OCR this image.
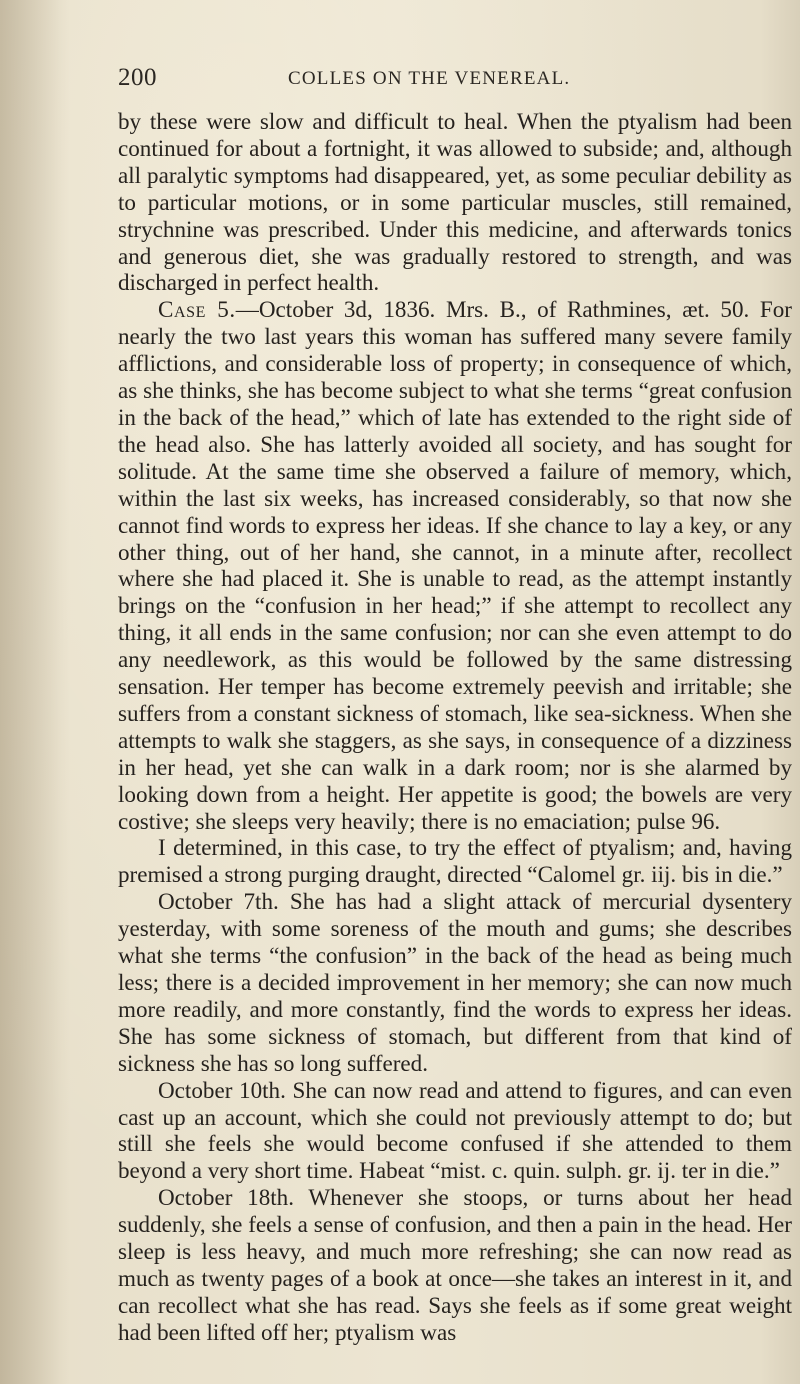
200	COLLES ON THE VENEREAL.

by these were slow and difficult to heal. When the ptyalism had been continued for about a fortnight, it was allowed to subside; and, although all paralytic symptoms had disappeared, yet, as some peculiar debility as to particular motions, or in some particular muscles, still remained, strychnine was prescribed. Under this medicine, and afterwards tonics and generous diet, she was gradually restored to strength, and was discharged in perfect health.

Case 5.—October 3d, 1836. Mrs. B., of Rathmines, æt. 50. For nearly the two last years this woman has suffered many severe family afflictions, and considerable loss of property; in consequence of which, as she thinks, she has become subject to what she terms “great confusion in the back of the head,” which of late has extended to the right side of the head also. She has latterly avoided all society, and has sought for solitude. At the same time she observed a failure of memory, which, within the last six weeks, has increased considerably, so that now she cannot find words to express her ideas. If she chance to lay a key, or any other thing, out of her hand, she cannot, in a minute after, recollect where she had placed it. She is unable to read, as the attempt instantly brings on the “confusion in her head;” if she attempt to recollect any thing, it all ends in the same confusion; nor can she even attempt to do any needlework, as this would be followed by the same distressing sensation. Her temper has become extremely peevish and irritable; she suffers from a constant sickness of stomach, like sea-sickness. When she attempts to walk she staggers, as she says, in consequence of a dizziness in her head, yet she can walk in a dark room; nor is she alarmed by looking down from a height. Her appetite is good; the bowels are very costive; she sleeps very heavily; there is no emaciation; pulse 96.

I determined, in this case, to try the effect of ptyalism; and, having premised a strong purging draught, directed “Calomel gr. iij. bis in die.”

October 7th. She has had a slight attack of mercurial dysentery yesterday, with some soreness of the mouth and gums; she describes what she terms “the confusion” in the back of the head as being much less; there is a decided improvement in her memory; she can now much more readily, and more constantly, find the words to express her ideas. She has some sickness of stomach, but different from that kind of sickness she has so long suffered.

October 10th. She can now read and attend to figures, and can even cast up an account, which she could not previously attempt to do; but still she feels she would become confused if she attended to them beyond a very short time. Habeat “mist. c. quin. sulph. gr. ij. ter in die.”

October 18th. Whenever she stoops, or turns about her head suddenly, she feels a sense of confusion, and then a pain in the head. Her sleep is less heavy, and much more refreshing; she can now read as much as twenty pages of a book at once—she takes an interest in it, and can recollect what she has read. Says she feels as if some great weight had been lifted off her; ptyalism was
